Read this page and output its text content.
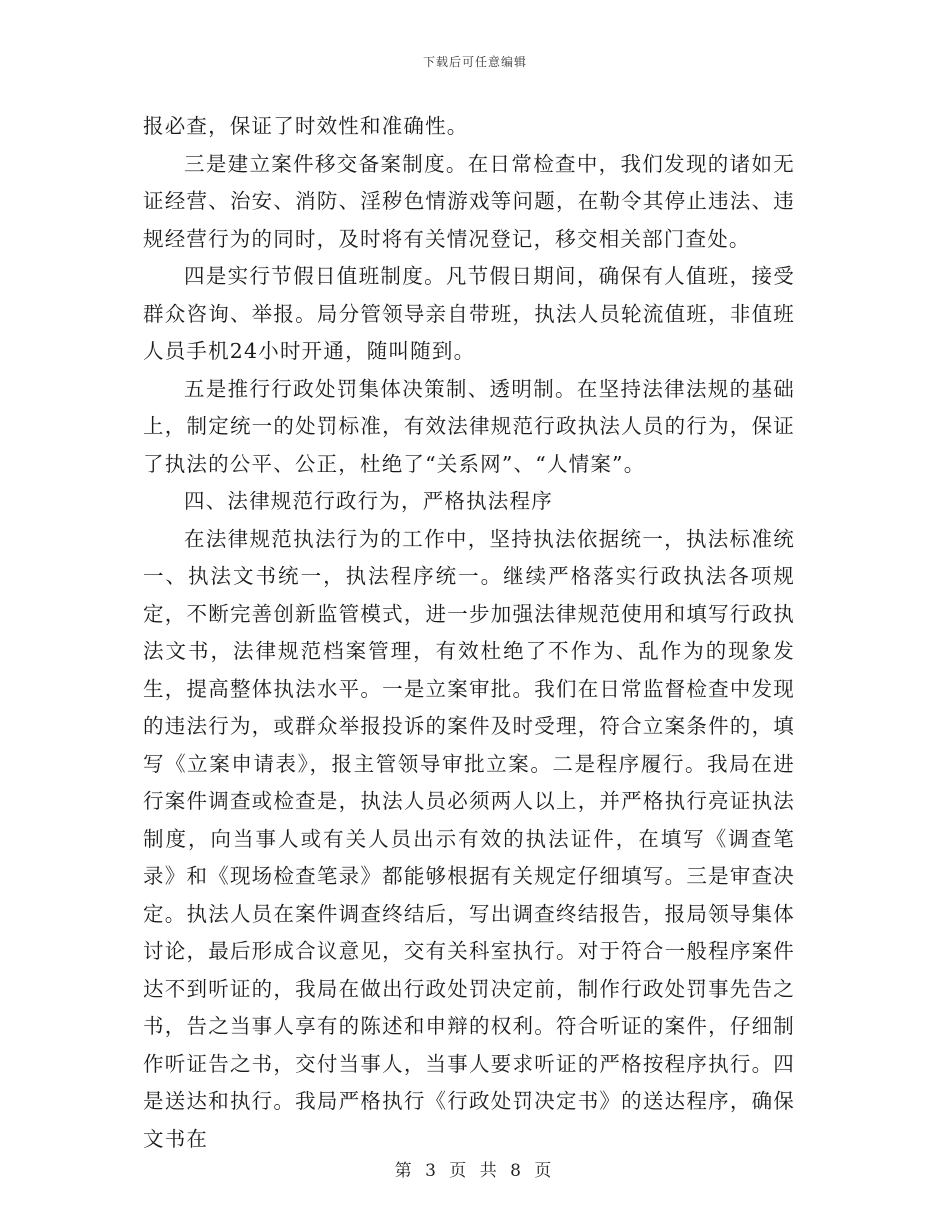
下载后可任意编辑

报必查，保证了时效性和准确性。

三是建立案件移交备案制度。在日常检查中，我们发现的诸如无证经营、治安、消防、淫秽色情游戏等问题，在勒令其停止违法、违规经营行为的同时，及时将有关情况登记，移交相关部门查处。

四是实行节假日值班制度。凡节假日期间，确保有人值班，接受群众咨询、举报。局分管领导亲自带班，执法人员轮流值班，非值班人员手机24小时开通，随叫随到。

五是推行行政处罚集体决策制、透明制。在坚持法律法规的基础上，制定统一的处罚标准，有效法律规范行政执法人员的行为，保证了执法的公平、公正，杜绝了“关系网”、“人情案”。

四、法律规范行政行为，严格执法程序

在法律规范执法行为的工作中，坚持执法依据统一，执法标准统一、执法文书统一，执法程序统一。继续严格落实行政执法各项规定，不断完善创新监管模式，进一步加强法律规范使用和填写行政执法文书，法律规范档案管理，有效杜绝了不作为、乱作为的现象发生，提高整体执法水平。一是立案审批。我们在日常监督检查中发现的违法行为，或群众举报投诉的案件及时受理，符合立案条件的，填写《立案申请表》，报主管领导审批立案。二是程序履行。我局在进行案件调查或检查是，执法人员必须两人以上，并严格执行亮证执法制度，向当事人或有关人员出示有效的执法证件，在填写《调查笔录》和《现场检查笔录》都能够根据有关规定仔细填写。三是审查决定。执法人员在案件调查终结后，写出调查终结报告，报局领导集体讨论，最后形成合议意见，交有关科室执行。对于符合一般程序案件达不到听证的，我局在做出行政处罚决定前，制作行政处罚事先告之书，告之当事人享有的陈述和申辩的权利。符合听证的案件，仔细制作听证告之书，交付当事人，当事人要求听证的严格按程序执行。四是送达和执行。我局严格执行《行政处罚决定书》的送达程序，确保文书在

第 3 页 共 8 页
